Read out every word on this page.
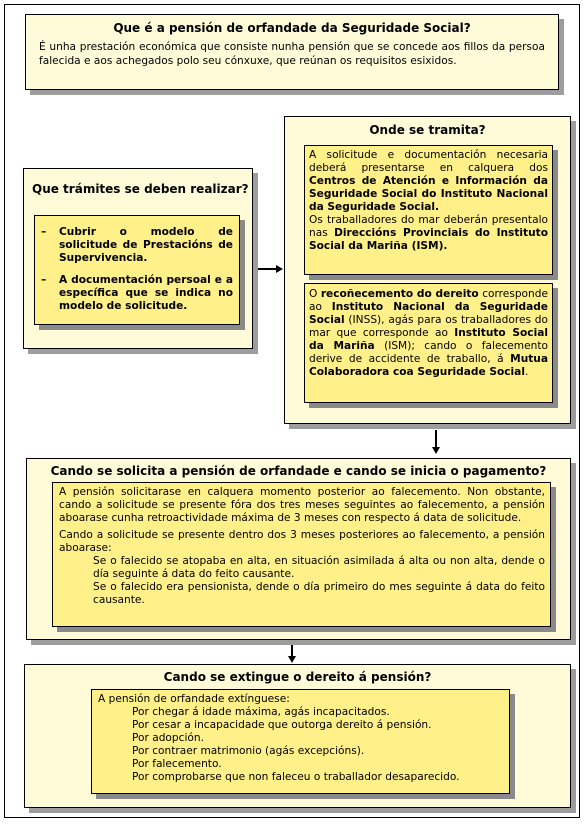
Que é a pensión de orfandade da Seguridade Social?

É unha prestación económica que consiste nunha pensión que se concede aos fillos da persoa falecida e aos achegados polo seu cónxuxe, que reúnan os requisitos esixidos.

Que trámites se deben realizar?
– Cubrir o modelo de solicitude de Prestacións de Supervivencia.
– A documentación persoal e a específica que se indica no modelo de solicitude.
Onde se tramita?

A solicitude e documentación necesaria deberá presentarse en calquera dos Centros de Atención e Información da Seguridade Social do Instituto Nacional da Seguridade Social.
Os traballadores do mar deberán presentalo nas Direccións Provinciais do Instituto Social da Mariña (ISM).

O recoñecemento do dereito corresponde ao Instituto Nacional da Seguridade Social (INSS), agás para os traballadores do mar que corresponde ao Instituto Social da Mariña (ISM); cando o falecemento derive de accidente de traballo, á Mutua Colaboradora coa Seguridade Social.

Cando se solicita a pensión de orfandade e cando se inicia o pagamento?

A pensión solicitarase en calquera momento posterior ao falecemento. Non obstante, cando a solicitude se presente fóra dos tres meses seguintes ao falecemento, a pensión aboarase cunha retroactividade máxima de 3 meses con respecto á data de solicitude.

Cando a solicitude se presente dentro dos 3 meses posteriores ao falecemento, a pensión aboarase:

Se o falecido se atopaba en alta, en situación asimilada á alta ou non alta, dende o día seguinte á data do feito causante.

Se o falecido era pensionista, dende o día primeiro do mes seguinte á data do feito causante.

Cando se extingue o dereito á pensión?

A pensión de orfandade extínguese:

Por chegar á idade máxima, agás incapacitados.

Por cesar a incapacidade que outorga dereito á pensión.

Por adopción.

Por contraer matrimonio (agás excepcións).

Por falecemento.

Por comprobarse que non faleceu o traballador desaparecido.
